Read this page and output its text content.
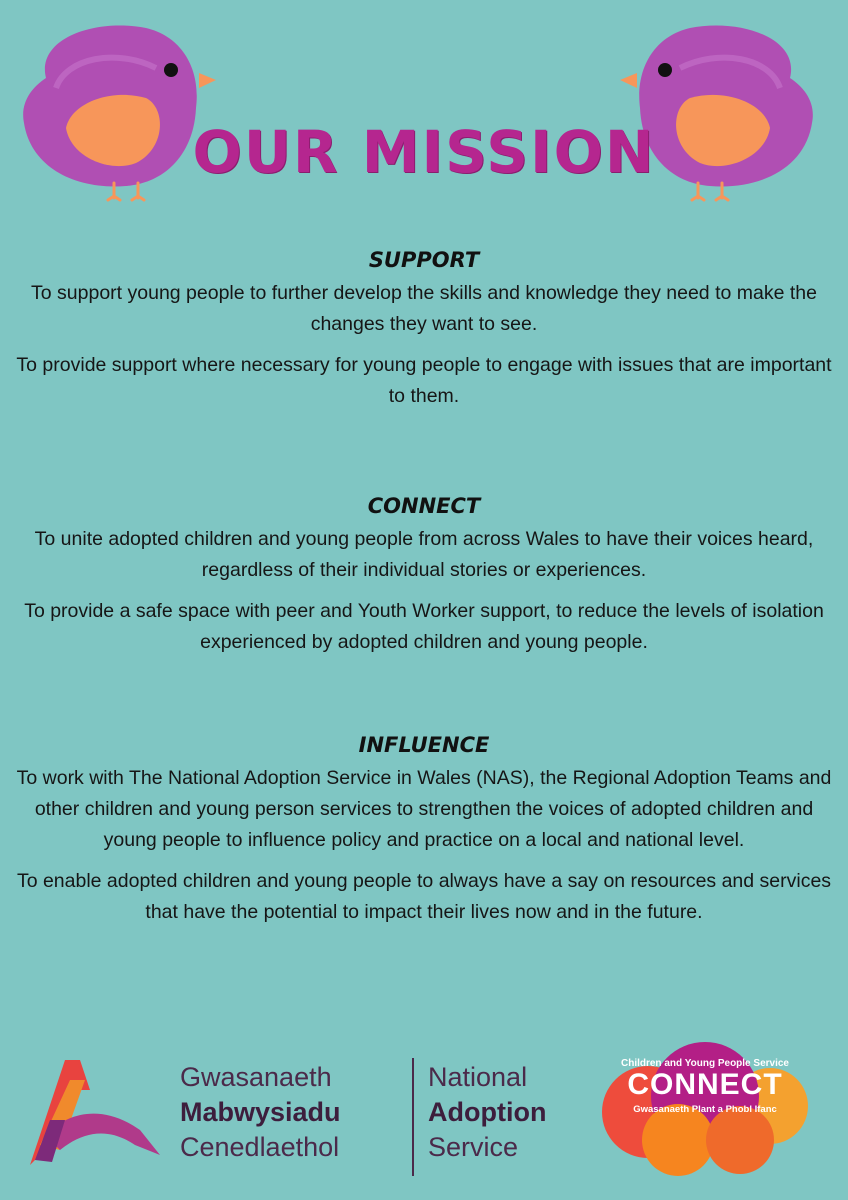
OUR MISSION
SUPPORT

To support young people to further develop the skills and knowledge they need to make the changes they want to see.

To provide support where necessary for young people to engage with issues that are important to them.

CONNECT

To unite adopted children and young people from across Wales to have their voices heard, regardless of their individual stories or experiences.

To provide a safe space with peer and Youth Worker support, to reduce the levels of isolation experienced by adopted children and young people.

INFLUENCE

To work with The National Adoption Service in Wales (NAS), the Regional Adoption Teams and other children and young person services to strengthen the voices of adopted children and young people to influence policy and practice on a local and national level.

To enable adopted children and young people to always have a say on resources and services that have the potential to impact their lives now and in the future.

Gwasanaeth
Mabwysiadu
Cenedlaethol
National
Adoption
Service
Children and Young People Service
CONNECT
Gwasanaeth Plant a Phobl Ifanc
